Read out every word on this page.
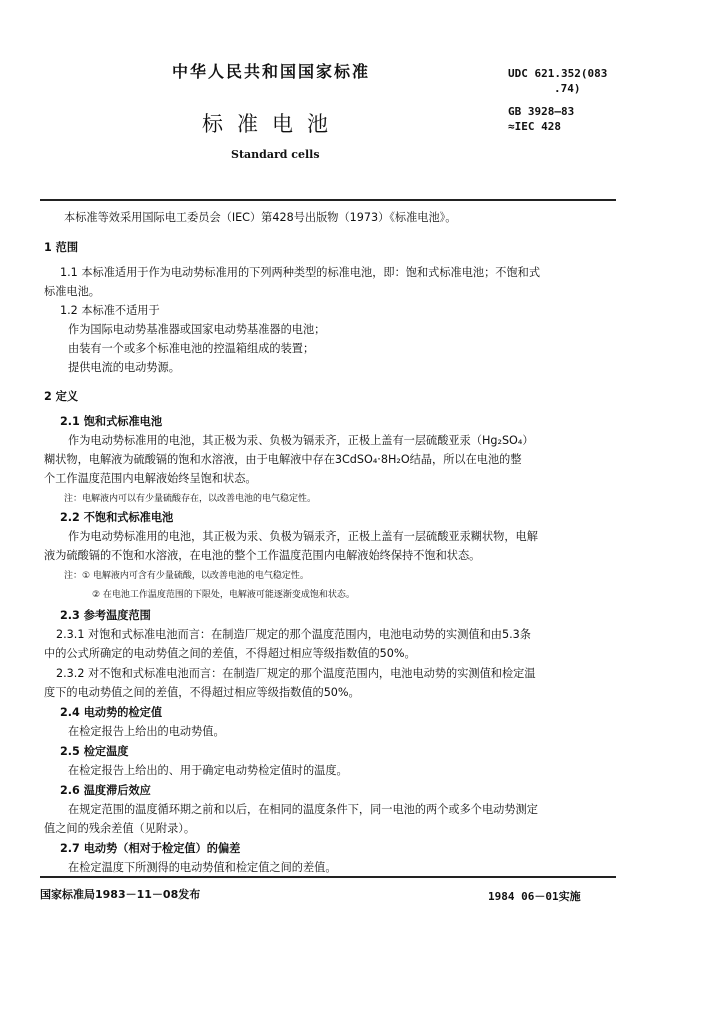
中华人民共和国国家标准	UDC 621.352(083
.74)
GB 3928—83
≈IEC 428
标准电池
Standard cells
本标准等效采用国际电工委员会（IEC）第428号出版物（1973）《标准电池》。
1 范围
1.1 本标准适用于作为电动势标准用的下列两种类型的标准电池，即：饱和式标准电池；不饱和式
标准电池。
1.2 本标准不适用于
作为国际电动势基准器或国家电动势基准器的电池；
由装有一个或多个标准电池的控温箱组成的装置；
提供电流的电动势源。
2 定义
2.1 饱和式标准电池
作为电动势标准用的电池，其正极为汞、负极为镉汞齐，正极上盖有一层硫酸亚汞（Hg₂SO₄）
糊状物，电解液为硫酸镉的饱和水溶液，由于电解液中存在3CdSO₄·8H₂O结晶，所以在电池的整
个工作温度范围内电解液始终呈饱和状态。
注：电解液内可以有少量硫酸存在，以改善电池的电气稳定性。
2.2 不饱和式标准电池
作为电动势标准用的电池，其正极为汞、负极为镉汞齐，正极上盖有一层硫酸亚汞糊状物，电解
液为硫酸镉的不饱和水溶液，在电池的整个工作温度范围内电解液始终保持不饱和状态。
注：① 电解液内可含有少量硫酸，以改善电池的电气稳定性。
② 在电池工作温度范围的下限处，电解液可能逐渐变成饱和状态。
2.3 参考温度范围
2.3.1 对饱和式标准电池而言：在制造厂规定的那个温度范围内，电池电动势的实测值和由5.3条
中的公式所确定的电动势值之间的差值，不得超过相应等级指数值的50%。
2.3.2 对不饱和式标准电池而言：在制造厂规定的那个温度范围内，电池电动势的实测值和检定温
度下的电动势值之间的差值，不得超过相应等级指数值的50%。
2.4 电动势的检定值
在检定报告上给出的电动势值。
2.5 检定温度
在检定报告上给出的、用于确定电动势检定值时的温度。
2.6 温度滞后效应
在规定范围的温度循环期之前和以后，在相同的温度条件下，同一电池的两个或多个电动势测定
值之间的残余差值（见附录）。
2.7 电动势（相对于检定值）的偏差
在检定温度下所测得的电动势值和检定值之间的差值。
国家标准局1983－11－08发布	1984 06－01实施
